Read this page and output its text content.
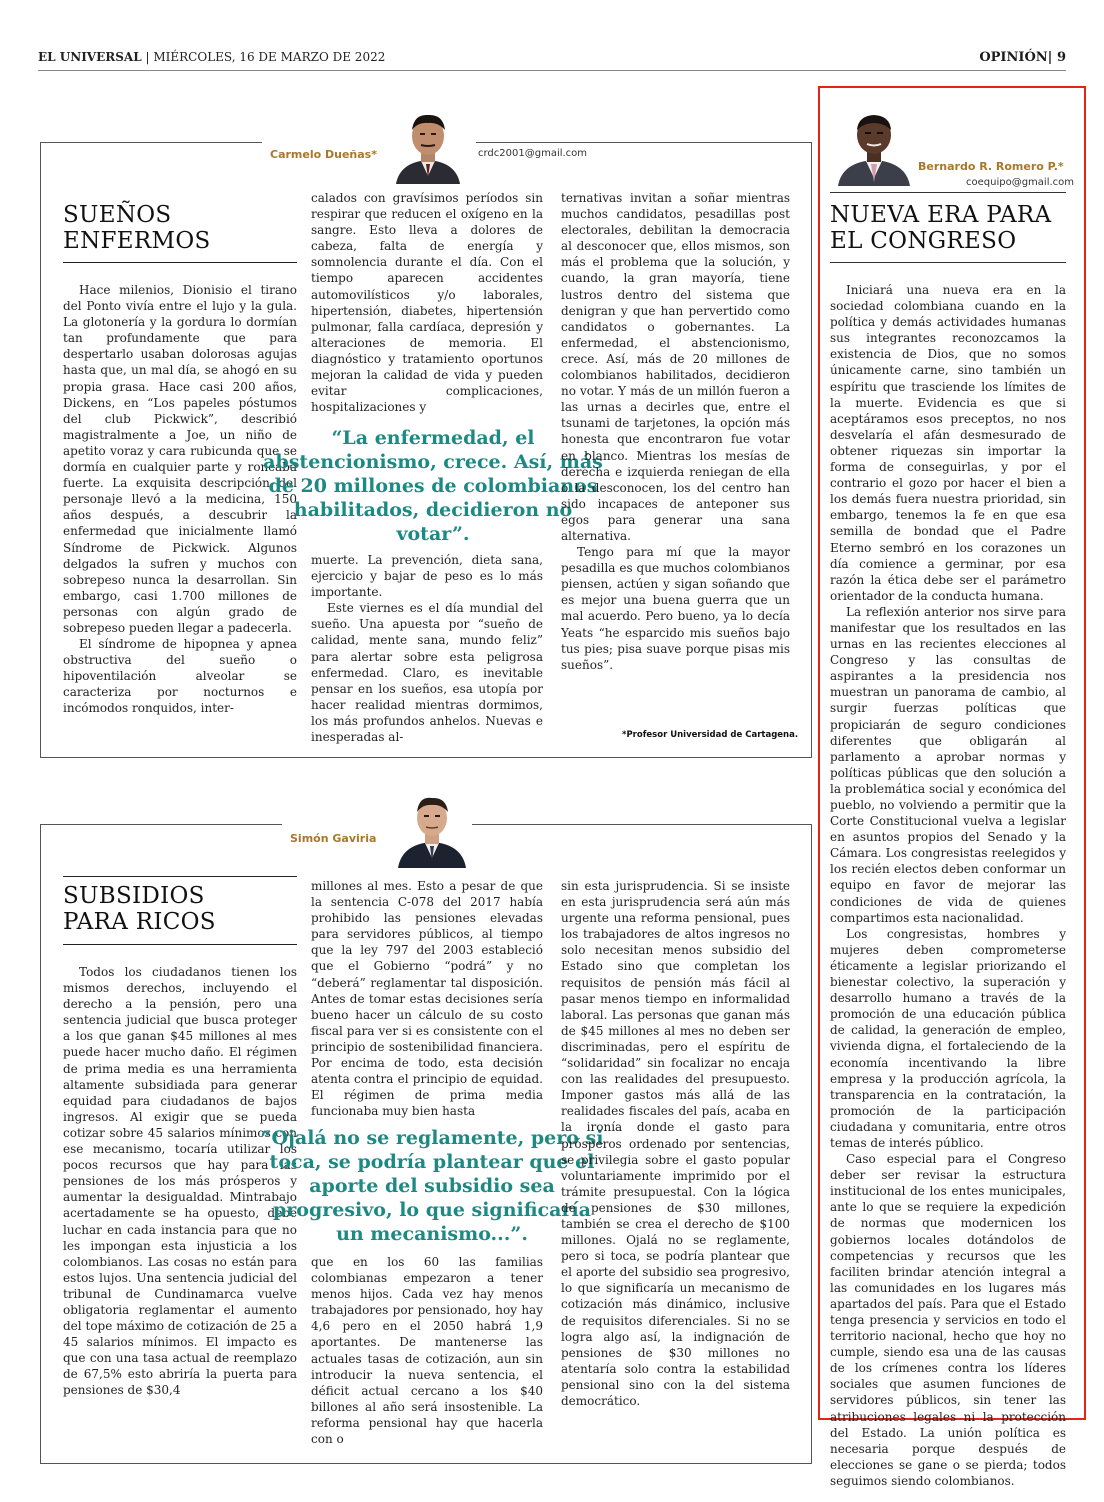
EL UNIVERSAL | MIÉRCOLES, 16 DE MARZO DE 2022	OPINIÓN| 9
Carmelo Dueñas*	crdc2001@gmail.com
SUEÑOS
ENFERMOS

Hace milenios, Dionisio el tirano del Ponto vivía entre el lujo y la gula. La glotonería y la gordura lo dormían tan profundamente que para despertarlo usaban dolorosas agujas hasta que, un mal día, se ahogó en su propia grasa. Hace casi 200 años, Dickens, en “Los papeles póstumos del club Pickwick”, describió magistralmente a Joe, un niño de apetito voraz y cara rubicunda que se dormía en cualquier parte y roncaba fuerte. La exquisita descripción del personaje llevó a la medicina, 150 años después, a descubrir la enfermedad que inicialmente llamó Síndrome de Pickwick. Algunos delgados la sufren y muchos con sobrepeso nunca la desarrollan. Sin embargo, casi 1.700 millones de personas con algún grado de sobrepeso pueden llegar a padecerla.

El síndrome de hipopnea y apnea obstructiva del sueño o hipoventilación alveolar se caracteriza por nocturnos e incómodos ronquidos, inter-

calados con gravísimos períodos sin respirar que reducen el oxígeno en la sangre. Esto lleva a dolores de cabeza, falta de energía y somnolencia durante el día. Con el tiempo aparecen accidentes automovilísticos y/o laborales, hipertensión, diabetes, hipertensión pulmonar, falla cardíaca, depresión y alteraciones de memoria. El diagnóstico y tratamiento oportunos mejoran la calidad de vida y pueden evitar complicaciones, hospitalizaciones y

“La enfermedad, el abstencionismo, crece. Así, más de 20 millones de colombianos habilitados, decidieron no votar”.

muerte. La prevención, dieta sana, ejercicio y bajar de peso es lo más importante.

Este viernes es el día mundial del sueño. Una apuesta por “sueño de calidad, mente sana, mundo feliz” para alertar sobre esta peligrosa enfermedad. Claro, es inevitable pensar en los sueños, esa utopía por hacer realidad mientras dormimos, los más profundos anhelos. Nuevas e inesperadas al-

ternativas invitan a soñar mientras muchos candidatos, pesadillas post electorales, debilitan la democracia al desconocer que, ellos mismos, son más el problema que la solución, y cuando, la gran mayoría, tiene lustros dentro del sistema que denigran y que han pervertido como candidatos o gobernantes. La enfermedad, el abstencionismo, crece. Así, más de 20 millones de colombianos habilitados, decidieron no votar. Y más de un millón fueron a las urnas a decirles que, entre el tsunami de tarjetones, la opción más honesta que encontraron fue votar en blanco. Mientras los mesías de derecha e izquierda reniegan de ella o la desconocen, los del centro han sido incapaces de anteponer sus egos para generar una sana alternativa.

Tengo para mí que la mayor pesadilla es que muchos colombianos piensen, actúen y sigan soñando que es mejor una buena guerra que un mal acuerdo. Pero bueno, ya lo decía Yeats “he esparcido mis sueños bajo tus pies; pisa suave porque pisas mis sueños”.

*Profesor Universidad de Cartagena.
Simón Gaviria
SUBSIDIOS
PARA RICOS

Todos los ciudadanos tienen los mismos derechos, incluyendo el derecho a la pensión, pero una sentencia judicial que busca proteger a los que ganan $45 millones al mes puede hacer mucho daño. El régimen de prima media es una herramienta altamente subsidiada para generar equidad para ciudadanos de bajos ingresos. Al exigir que se pueda cotizar sobre 45 salarios mínimos con ese mecanismo, tocaría utilizar los pocos recursos que hay para las pensiones de los más prósperos y aumentar la desigualdad. Mintrabajo acertadamente se ha opuesto, debe luchar en cada instancia para que no les impongan esta injusticia a los colombianos. Las cosas no están para estos lujos. Una sentencia judicial del tribunal de Cundinamarca vuelve obligatoria reglamentar el aumento del tope máximo de cotización de 25 a 45 salarios mínimos. El impacto es que con una tasa actual de reemplazo de 67,5% esto abriría la puerta para pensiones de $30,4

millones al mes. Esto a pesar de que la sentencia C-078 del 2017 había prohibido las pensiones elevadas para servidores públicos, al tiempo que la ley 797 del 2003 estableció que el Gobierno “podrá” y no “deberá” reglamentar tal disposición. Antes de tomar estas decisiones sería bueno hacer un cálculo de su costo fiscal para ver si es consistente con el principio de sostenibilidad financiera. Por encima de todo, esta decisión atenta contra el principio de equidad. El régimen de prima media funcionaba muy bien hasta

“Ojalá no se reglamente, pero si toca, se podría plantear que el aporte del subsidio sea progresivo, lo que significaría un mecanismo...”.

que en los 60 las familias colombianas empezaron a tener menos hijos. Cada vez hay menos trabajadores por pensionado, hoy hay 4,6 pero en el 2050 habrá 1,9 aportantes. De mantenerse las actuales tasas de cotización, aun sin introducir la nueva sentencia, el déficit actual cercano a los $40 billones al año será insostenible. La reforma pensional hay que hacerla con o

sin esta jurisprudencia. Si se insiste en esta jurisprudencia será aún más urgente una reforma pensional, pues los trabajadores de altos ingresos no solo necesitan menos subsidio del Estado sino que completan los requisitos de pensión más fácil al pasar menos tiempo en informalidad laboral. Las personas que ganan más de $45 millones al mes no deben ser discriminadas, pero el espíritu de “solidaridad” sin focalizar no encaja con las realidades del presupuesto. Imponer gastos más allá de las realidades fiscales del país, acaba en la ironía donde el gasto para prósperos ordenado por sentencias, se privilegia sobre el gasto popular voluntariamente imprimido por el trámite presupuestal. Con la lógica de pensiones de $30 millones, también se crea el derecho de $100 millones. Ojalá no se reglamente, pero si toca, se podría plantear que el aporte del subsidio sea progresivo, lo que significaría un mecanismo de cotización más dinámico, inclusive de requisitos diferenciales. Si no se logra algo así, la indignación de pensiones de $30 millones no atentaría solo contra la estabilidad pensional sino con la del sistema democrático.

Bernardo R. Romero P.*
coequipo@gmail.com
NUEVA ERA PARA
EL CONGRESO

Iniciará una nueva era en la sociedad colombiana cuando en la política y demás actividades humanas sus integrantes reconozcamos la existencia de Dios, que no somos únicamente carne, sino también un espíritu que trasciende los límites de la muerte. Evidencia es que si aceptáramos esos preceptos, no nos desvelaría el afán desmesurado de obtener riquezas sin importar la forma de conseguirlas, y por el contrario el gozo por hacer el bien a los demás fuera nuestra prioridad, sin embargo, tenemos la fe en que esa semilla de bondad que el Padre Eterno sembró en los corazones un día comience a germinar, por esa razón la ética debe ser el parámetro orientador de la conducta humana.

La reflexión anterior nos sirve para manifestar que los resultados en las urnas en las recientes elecciones al Congreso y las consultas de aspirantes a la presidencia nos muestran un panorama de cambio, al surgir fuerzas políticas que propiciarán de seguro condiciones diferentes que obligarán al parlamento a aprobar normas y políticas públicas que den solución a la problemática social y económica del pueblo, no volviendo a permitir que la Corte Constitucional vuelva a legislar en asuntos propios del Senado y la Cámara. Los congresistas reelegidos y los recién electos deben conformar un equipo en favor de mejorar las condiciones de vida de quienes compartimos esta nacionalidad.

Los congresistas, hombres y mujeres deben comprometerse éticamente a legislar priorizando el bienestar colectivo, la superación y desarrollo humano a través de la promoción de una educación pública de calidad, la generación de empleo, vivienda digna, el fortaleciendo de la economía incentivando la libre empresa y la producción agrícola, la transparencia en la contratación, la promoción de la participación ciudadana y comunitaria, entre otros temas de interés público.

Caso especial para el Congreso deber ser revisar la estructura institucional de los entes municipales, ante lo que se requiere la expedición de normas que modernicen los gobiernos locales dotándolos de competencias y recursos que les faciliten brindar atención integral a las comunidades en los lugares más apartados del país. Para que el Estado tenga presencia y servicios en todo el territorio nacional, hecho que hoy no cumple, siendo esa una de las causas de los crímenes contra los líderes sociales que asumen funciones de servidores públicos, sin tener las atribuciones legales ni la protección del Estado. La unión política es necesaria porque después de elecciones se gane o se pierda; todos seguimos siendo colombianos.
